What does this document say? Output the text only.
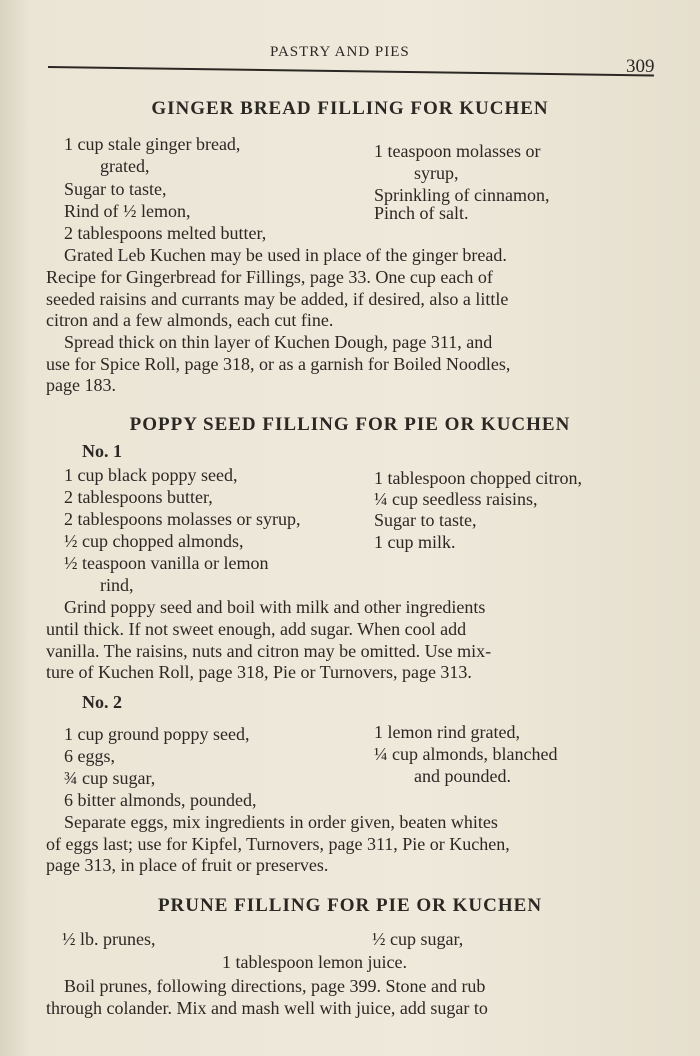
PASTRY AND PIES
309
GINGER BREAD FILLING FOR KUCHEN
1 cup stale ginger bread,
grated,
Sugar to taste,
Rind of ½ lemon,
2 tablespoons melted butter,
1 teaspoon molasses or
syrup,
Sprinkling of cinnamon,
Pinch of salt.
Grated Leb Kuchen may be used in place of the ginger bread.
Recipe for Gingerbread for Fillings, page 33. One cup each of
seeded raisins and currants may be added, if desired, also a little
citron and a few almonds, each cut fine.
Spread thick on thin layer of Kuchen Dough, page 311, and
use for Spice Roll, page 318, or as a garnish for Boiled Noodles,
page 183.
POPPY SEED FILLING FOR PIE OR KUCHEN
No. 1
1 cup black poppy seed,
2 tablespoons butter,
2 tablespoons molasses or syrup,
½ cup chopped almonds,
½ teaspoon vanilla or lemon
rind,
1 tablespoon chopped citron,
¼ cup seedless raisins,
Sugar to taste,
1 cup milk.
Grind poppy seed and boil with milk and other ingredients
until thick. If not sweet enough, add sugar. When cool add
vanilla. The raisins, nuts and citron may be omitted. Use mix-
ture of Kuchen Roll, page 318, Pie or Turnovers, page 313.
No. 2
1 cup ground poppy seed,
6 eggs,
¾ cup sugar,
6 bitter almonds, pounded,
1 lemon rind grated,
¼ cup almonds, blanched
and pounded.
Separate eggs, mix ingredients in order given, beaten whites
of eggs last; use for Kipfel, Turnovers, page 311, Pie or Kuchen,
page 313, in place of fruit or preserves.
PRUNE FILLING FOR PIE OR KUCHEN
½ lb. prunes,	½ cup sugar,
1 tablespoon lemon juice.
Boil prunes, following directions, page 399. Stone and rub
through colander. Mix and mash well with juice, add sugar to
